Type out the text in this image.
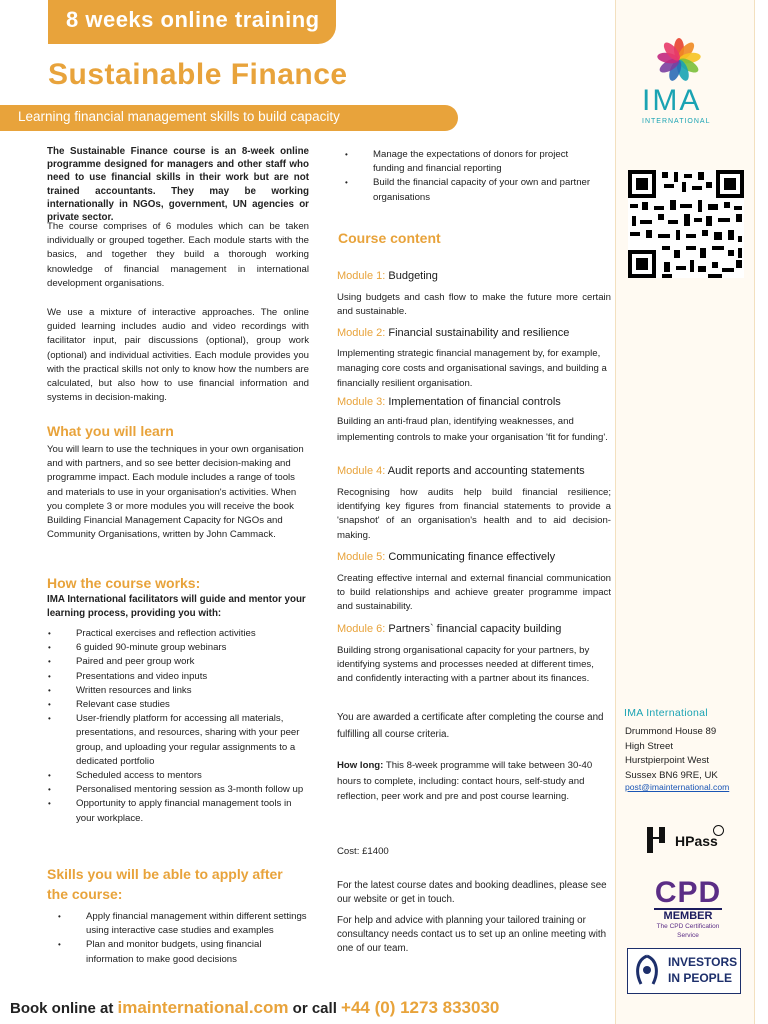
IMA
INTERNATIONAL
IMA International
Drummond House 89
High Street
Hurstpierpoint West
Sussex BN6 9RE, UK
post@imainternational.com
HPass
CPD
MEMBER
The CPD Certification Service
INVESTORS
IN PEOPLE
8 weeks online training
Sustainable Finance
Learning financial management skills to build capacity
The Sustainable Finance course is an 8-week online programme designed for managers and other staff who need to use financial skills in their work but are not trained accountants. They may be working internationally in NGOs, government, UN agencies or private sector.
The course comprises of 6 modules which can be taken individually or grouped together. Each module starts with the basics, and together they build a thorough working knowledge of financial management in international development organisations.
We use a mixture of interactive approaches. The online guided learning includes audio and video recordings with facilitator input, pair discussions (optional), group work (optional) and individual activities. Each module provides you with the practical skills not only to know how the numbers are calculated, but also how to use financial information and systems in decision-making.
What you will learn
You will learn to use the techniques in your own organisation and with partners, and so see better decision-making and programme impact. Each module includes a range of tools and materials to use in your organisation's activities. When you complete 3 or more modules you will receive the book Building Financial Management Capacity for NGOs and Community Organisations, written by John Cammack.
How the course works:
IMA International facilitators will guide and mentor your learning process, providing you with:
• Practical exercises and reflection activities
• 6 guided 90-minute group webinars
• Paired and peer group work
• Presentations and video inputs
• Written resources and links
• Relevant case studies
• User-friendly platform for accessing all materials, presentations, and resources, sharing with your peer group, and uploading your regular assignments to a dedicated portfolio
• Scheduled access to mentors
• Personalised mentoring session as 3-month follow up
• Opportunity to apply financial management tools in your workplace.
Skills you will be able to apply after
the course:
• Apply financial management within different settings using interactive case studies and examples
• Plan and monitor budgets, using financial information to make good decisions
• Manage the expectations of donors for project funding and financial reporting
• Build the financial capacity of your own and partner organisations
Course content
Module 1: Budgeting
Using budgets and cash flow to make the future more certain and sustainable.
Module 2: Financial sustainability and resilience
Implementing strategic financial management by, for example, managing core costs and organisational savings, and building a financially resilient organisation.
Module 3: Implementation of financial controls
Building an anti-fraud plan, identifying weaknesses, and implementing controls to make your organisation 'fit for funding'.
Module 4: Audit reports and accounting statements
Recognising how audits help build financial resilience; identifying key figures from financial statements to provide a 'snapshot' of an organisation's health and to aid decision-making.
Module 5: Communicating finance effectively
Creating effective internal and external financial communication to build relationships and achieve greater programme impact and sustainability.
Module 6: Partners` financial capacity building
Building strong organisational capacity for your partners, by identifying systems and processes needed at different times, and confidently interacting with a partner about its finances.
You are awarded a certificate after completing the course and fulfilling all course criteria.
How long: This 8-week programme will take between 30-40 hours to complete, including: contact hours, self-study and reflection, peer work and pre and post course learning.
Cost: £1400
For the latest course dates and booking deadlines, please see our website or get in touch.
For help and advice with planning your tailored training or consultancy needs contact us to set up an online meeting with one of our team.
Book online at imainternational.com or call +44 (0) 1273 833030
